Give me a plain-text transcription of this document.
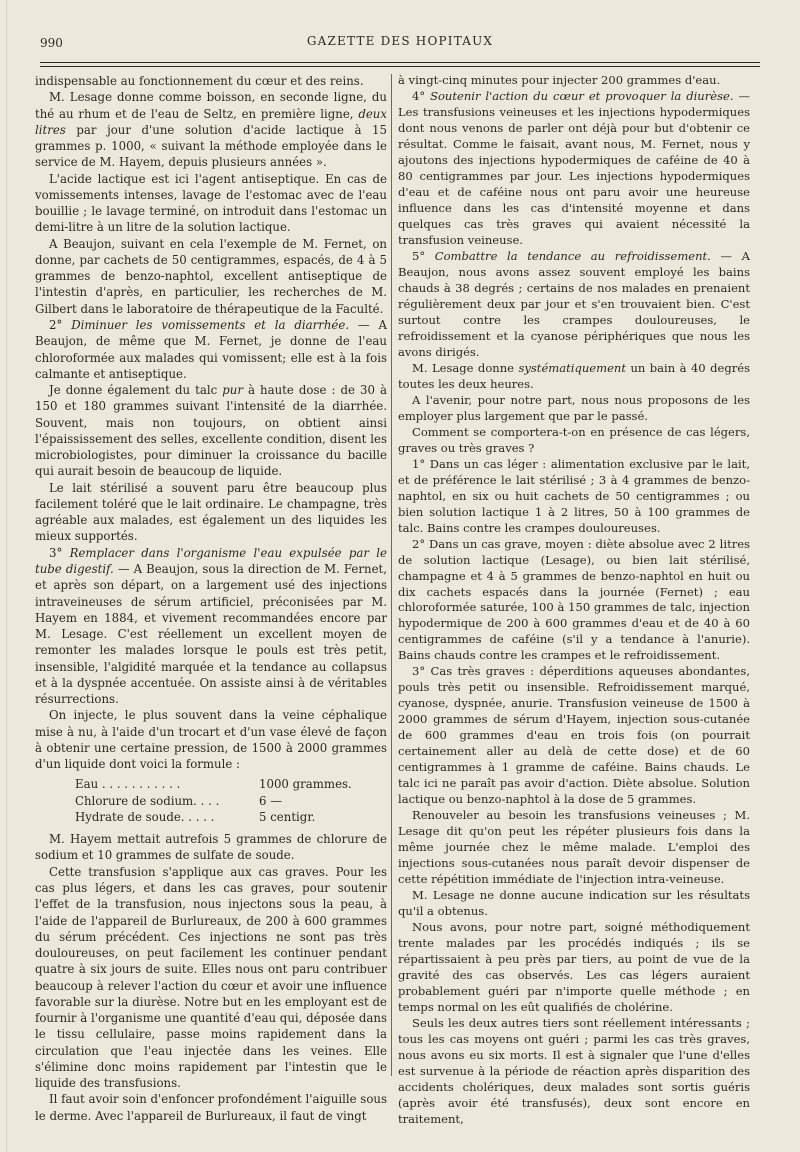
990	GAZETTE DES HOPITAUX

indispensable au fonctionnement du cœur et des reins.

M. Lesage donne comme boisson, en seconde ligne, du thé au rhum et de l'eau de Seltz, en première ligne, deux litres par jour d'une solution d'acide lactique à 15 grammes p. 1000, « suivant la méthode employée dans le service de M. Hayem, depuis plusieurs années ».

L'acide lactique est ici l'agent antiseptique. En cas de vomissements intenses, lavage de l'estomac avec de l'eau bouillie ; le lavage terminé, on introduit dans l'estomac un demi-litre à un litre de la solution lactique.

A Beaujon, suivant en cela l'exemple de M. Fernet, on donne, par cachets de 50 centigrammes, espacés, de 4 à 5 grammes de benzo-naphtol, excellent antiseptique de l'intestin d'après, en particulier, les recherches de M. Gilbert dans le laboratoire de thérapeutique de la Faculté.

2° Diminuer les vomissements et la diarrhée. — A Beaujon, de même que M. Fernet, je donne de l'eau chloroformée aux malades qui vomissent; elle est à la fois calmante et antiseptique.

Je donne également du talc pur à haute dose : de 30 à 150 et 180 grammes suivant l'intensité de la diarrhée. Souvent, mais non toujours, on obtient ainsi l'épaississement des selles, excellente condition, disent les microbiologistes, pour diminuer la croissance du bacille qui aurait besoin de beaucoup de liquide.

Le lait stérilisé a souvent paru être beaucoup plus facilement toléré que le lait ordinaire. Le champagne, très agréable aux malades, est également un des liquides les mieux supportés.

3° Remplacer dans l'organisme l'eau expulsée par le tube digestif. — A Beaujon, sous la direction de M. Fernet, et après son départ, on a largement usé des injections intraveineuses de sérum artificiel, préconisées par M. Hayem en 1884, et vivement recommandées encore par M. Lesage. C'est réellement un excellent moyen de remonter les malades lorsque le pouls est très petit, insensible, l'algidité marquée et la tendance au collapsus et à la dyspnée accentuée. On assiste ainsi à de véritables résurrections.

On injecte, le plus souvent dans la veine céphalique mise à nu, à l'aide d'un trocart et d'un vase élevé de façon à obtenir une certaine pression, de 1500 à 2000 grammes d'un liquide dont voici la formule :

Eau . . . . . . . . . . .	1000 grammes.
Chlorure de sodium. . . .	6 —
Hydrate de soude. . . . .	5 centigr.

M. Hayem mettait autrefois 5 grammes de chlorure de sodium et 10 grammes de sulfate de soude.

Cette transfusion s'applique aux cas graves. Pour les cas plus légers, et dans les cas graves, pour soutenir l'effet de la transfusion, nous injectons sous la peau, à l'aide de l'appareil de Burlureaux, de 200 à 600 grammes du sérum précédent. Ces injections ne sont pas très douloureuses, on peut facilement les continuer pendant quatre à six jours de suite. Elles nous ont paru contribuer beaucoup à relever l'action du cœur et avoir une influence favorable sur la diurèse. Notre but en les employant est de fournir à l'organisme une quantité d'eau qui, déposée dans le tissu cellulaire, passe moins rapidement dans la circulation que l'eau injectée dans les veines. Elle s'élimine donc moins rapidement par l'intestin que le liquide des transfusions.

Il faut avoir soin d'enfoncer profondément l'aiguille sous le derme. Avec l'appareil de Burlureaux, il faut de vingt

à vingt-cinq minutes pour injecter 200 grammes d'eau.

4° Soutenir l'action du cœur et provoquer la diurèse. — Les transfusions veineuses et les injections hypodermiques dont nous venons de parler ont déjà pour but d'obtenir ce résultat. Comme le faisait, avant nous, M. Fernet, nous y ajoutons des injections hypodermiques de caféine de 40 à 80 centigrammes par jour. Les injections hypodermiques d'eau et de caféine nous ont paru avoir une heureuse influence dans les cas d'intensité moyenne et dans quelques cas très graves qui avaient nécessité la transfusion veineuse.

5° Combattre la tendance au refroidissement. — A Beaujon, nous avons assez souvent employé les bains chauds à 38 degrés ; certains de nos malades en prenaient régulièrement deux par jour et s'en trouvaient bien. C'est surtout contre les crampes douloureuses, le refroidissement et la cyanose périphériques que nous les avons dirigés.

M. Lesage donne systématiquement un bain à 40 degrés toutes les deux heures.

A l'avenir, pour notre part, nous nous proposons de les employer plus largement que par le passé.

Comment se comportera-t-on en présence de cas légers, graves ou très graves ?

1° Dans un cas léger : alimentation exclusive par le lait, et de préférence le lait stérilisé ; 3 à 4 grammes de benzo-naphtol, en six ou huit cachets de 50 centigrammes ; ou bien solution lactique 1 à 2 litres, 50 à 100 grammes de talc. Bains contre les crampes douloureuses.

2° Dans un cas grave, moyen : diète absolue avec 2 litres de solution lactique (Lesage), ou bien lait stérilisé, champagne et 4 à 5 grammes de benzo-naphtol en huit ou dix cachets espacés dans la journée (Fernet) ; eau chloroformée saturée, 100 à 150 grammes de talc, injection hypodermique de 200 à 600 grammes d'eau et de 40 à 60 centigrammes de caféine (s'il y a tendance à l'anurie). Bains chauds contre les crampes et le refroidissement.

3° Cas très graves : déperditions aqueuses abondantes, pouls très petit ou insensible. Refroidissement marqué, cyanose, dyspnée, anurie. Transfusion veineuse de 1500 à 2000 grammes de sérum d'Hayem, injection sous-cutanée de 600 grammes d'eau en trois fois (on pourrait certainement aller au delà de cette dose) et de 60 centigrammes à 1 gramme de caféine. Bains chauds. Le talc ici ne paraît pas avoir d'action. Diète absolue. Solution lactique ou benzo-naphtol à la dose de 5 grammes.

Renouveler au besoin les transfusions veineuses ; M. Lesage dit qu'on peut les répéter plusieurs fois dans la même journée chez le même malade. L'emploi des injections sous-cutanées nous paraît devoir dispenser de cette répétition immédiate de l'injection intra-veineuse.

M. Lesage ne donne aucune indication sur les résultats qu'il a obtenus.

Nous avons, pour notre part, soigné méthodiquement trente malades par les procédés indiqués ; ils se répartissaient à peu près par tiers, au point de vue de la gravité des cas observés. Les cas légers auraient probablement guéri par n'importe quelle méthode ; en temps normal on les eût qualifiés de cholérine.

Seuls les deux autres tiers sont réellement intéressants ; tous les cas moyens ont guéri ; parmi les cas très graves, nous avons eu six morts. Il est à signaler que l'une d'elles est survenue à la période de réaction après disparition des accidents cholériques, deux malades sont sortis guéris (après avoir été transfusés), deux sont encore en traitement,
